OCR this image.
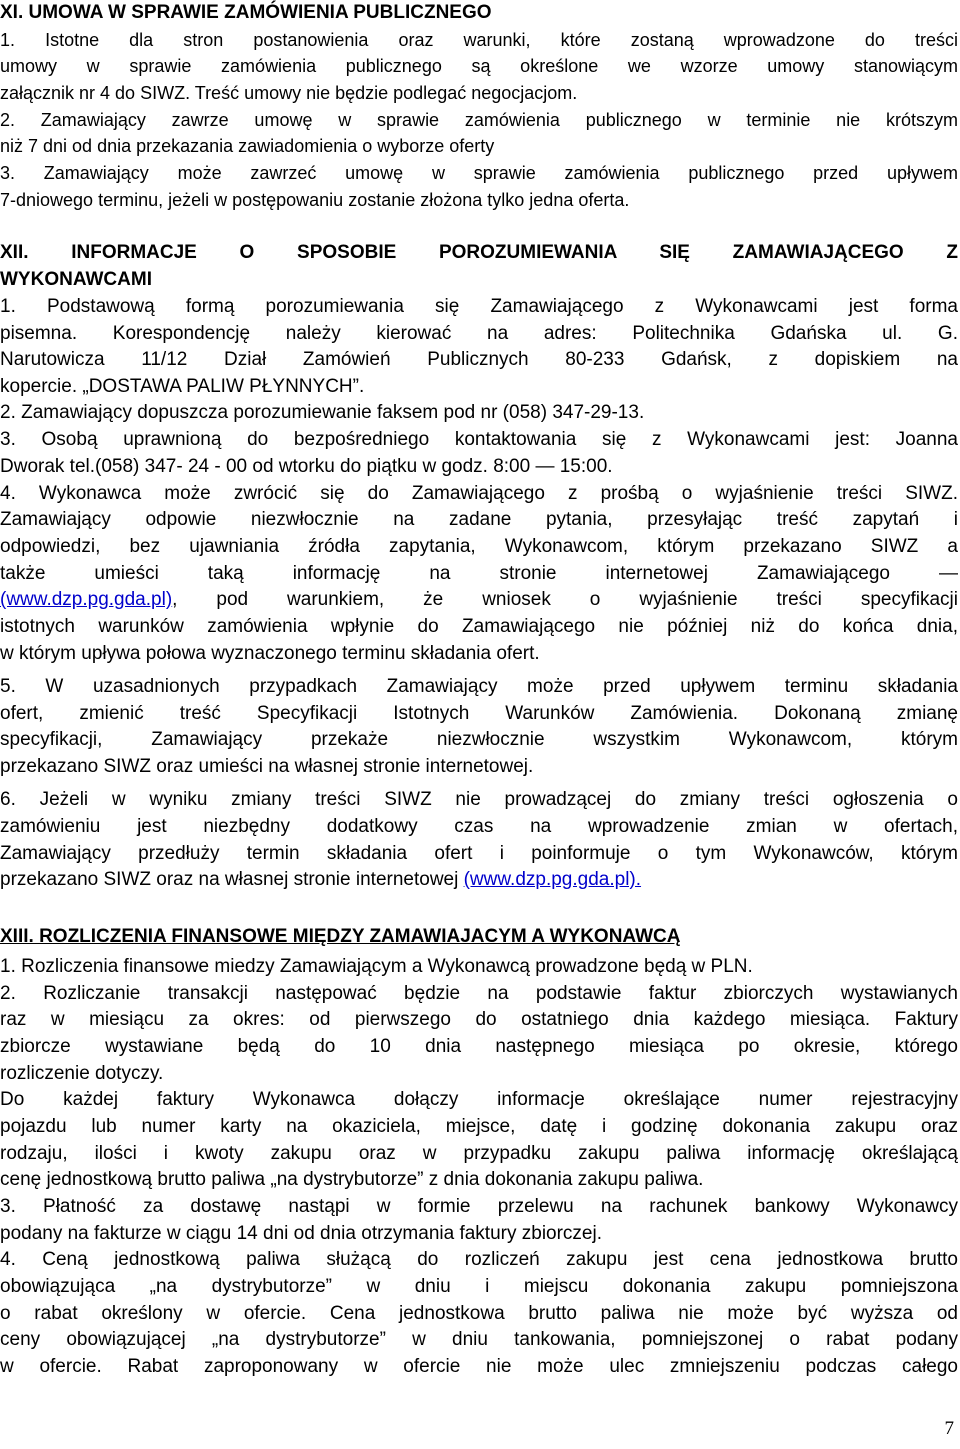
XI. UMOWA W SPRAWIE ZAMÓWIENIA PUBLICZNEGO
1. Istotne dla stron postanowienia oraz warunki, które zostaną wprowadzone do treści
umowy w sprawie zamówienia publicznego są określone we wzorze umowy stanowiącym
załącznik nr 4 do SIWZ. Treść umowy nie będzie podlegać negocjacjom.
2. Zamawiający zawrze umowę w sprawie zamówienia publicznego w terminie nie krótszym
niż 7 dni od dnia przekazania zawiadomienia o wyborze oferty
3. Zamawiający może zawrzeć umowę w sprawie zamówienia publicznego przed upływem
7-dniowego terminu, jeżeli w postępowaniu zostanie złożona tylko jedna oferta.
XII. INFORMACJE O SPOSOBIE POROZUMIEWANIA SIĘ ZAMAWIAJĄCEGO Z
WYKONAWCAMI
1. Podstawową formą porozumiewania się Zamawiającego z Wykonawcami jest forma
pisemna. Korespondencję należy kierować na adres: Politechnika Gdańska ul. G.
Narutowicza 11/12 Dział Zamówień Publicznych 80-233 Gdańsk, z dopiskiem na
kopercie. „DOSTAWA PALIW PŁYNNYCH”.
2. Zamawiający dopuszcza porozumiewanie faksem pod nr (058) 347-29-13.
3. Osobą uprawnioną do bezpośredniego kontaktowania się z Wykonawcami jest: Joanna
Dworak tel.(058) 347- 24 - 00 od wtorku do piątku w godz. 8:00 — 15:00.
4. Wykonawca może zwrócić się do Zamawiającego z prośbą o wyjaśnienie treści SIWZ.
Zamawiający odpowie niezwłocznie na zadane pytania, przesyłając treść zapytań i
odpowiedzi, bez ujawniania źródła zapytania, Wykonawcom, którym przekazano SIWZ a
także umieści taką informację na stronie internetowej Zamawiającego —
(www.dzp.pg.gda.pl), pod warunkiem, że wniosek o wyjaśnienie treści specyfikacji
istotnych warunków zamówienia wpłynie do Zamawiającego nie później niż do końca dnia,
w którym upływa połowa wyznaczonego terminu składania ofert.
5. W uzasadnionych przypadkach Zamawiający może przed upływem terminu składania
ofert, zmienić treść Specyfikacji Istotnych Warunków Zamówienia. Dokonaną zmianę
specyfikacji, Zamawiający przekaże niezwłocznie wszystkim Wykonawcom, którym
przekazano SIWZ oraz umieści na własnej stronie internetowej.
6. Jeżeli w wyniku zmiany treści SIWZ nie prowadzącej do zmiany treści ogłoszenia o
zamówieniu jest niezbędny dodatkowy czas na wprowadzenie zmian w ofertach,
Zamawiający przedłuży termin składania ofert i poinformuje o tym Wykonawców, którym
przekazano SIWZ oraz na własnej stronie internetowej (www.dzp.pg.gda.pl).
XIII. ROZLICZENIA FINANSOWE MIĘDZY ZAMAWIAJACYM A WYKONAWCĄ
1. Rozliczenia finansowe miedzy Zamawiającym a Wykonawcą prowadzone będą w PLN.
2. Rozliczanie transakcji następować będzie na podstawie faktur zbiorczych wystawianych
raz w miesiącu za okres: od pierwszego do ostatniego dnia każdego miesiąca. Faktury
zbiorcze wystawiane będą do 10 dnia następnego miesiąca po okresie, którego
rozliczenie dotyczy.
Do każdej faktury Wykonawca dołączy informacje określające numer rejestracyjny
pojazdu lub numer karty na okaziciela, miejsce, datę i godzinę dokonania zakupu oraz
rodzaju, ilości i kwoty zakupu oraz w przypadku zakupu paliwa informację określającą
cenę jednostkową brutto paliwa „na dystrybutorze” z dnia dokonania zakupu paliwa.
3. Płatność za dostawę nastąpi w formie przelewu na rachunek bankowy Wykonawcy
podany na fakturze w ciągu 14 dni od dnia otrzymania faktury zbiorczej.
4. Ceną jednostkową paliwa służącą do rozliczeń zakupu jest cena jednostkowa brutto
obowiązująca „na dystrybutorze” w dniu i miejscu dokonania zakupu pomniejszona
o rabat określony w ofercie. Cena jednostkowa brutto paliwa nie może być wyższa od
ceny obowiązującej „na dystrybutorze” w dniu tankowania, pomniejszonej o rabat podany
w ofercie. Rabat zaproponowany w ofercie nie może ulec zmniejszeniu podczas całego
7
